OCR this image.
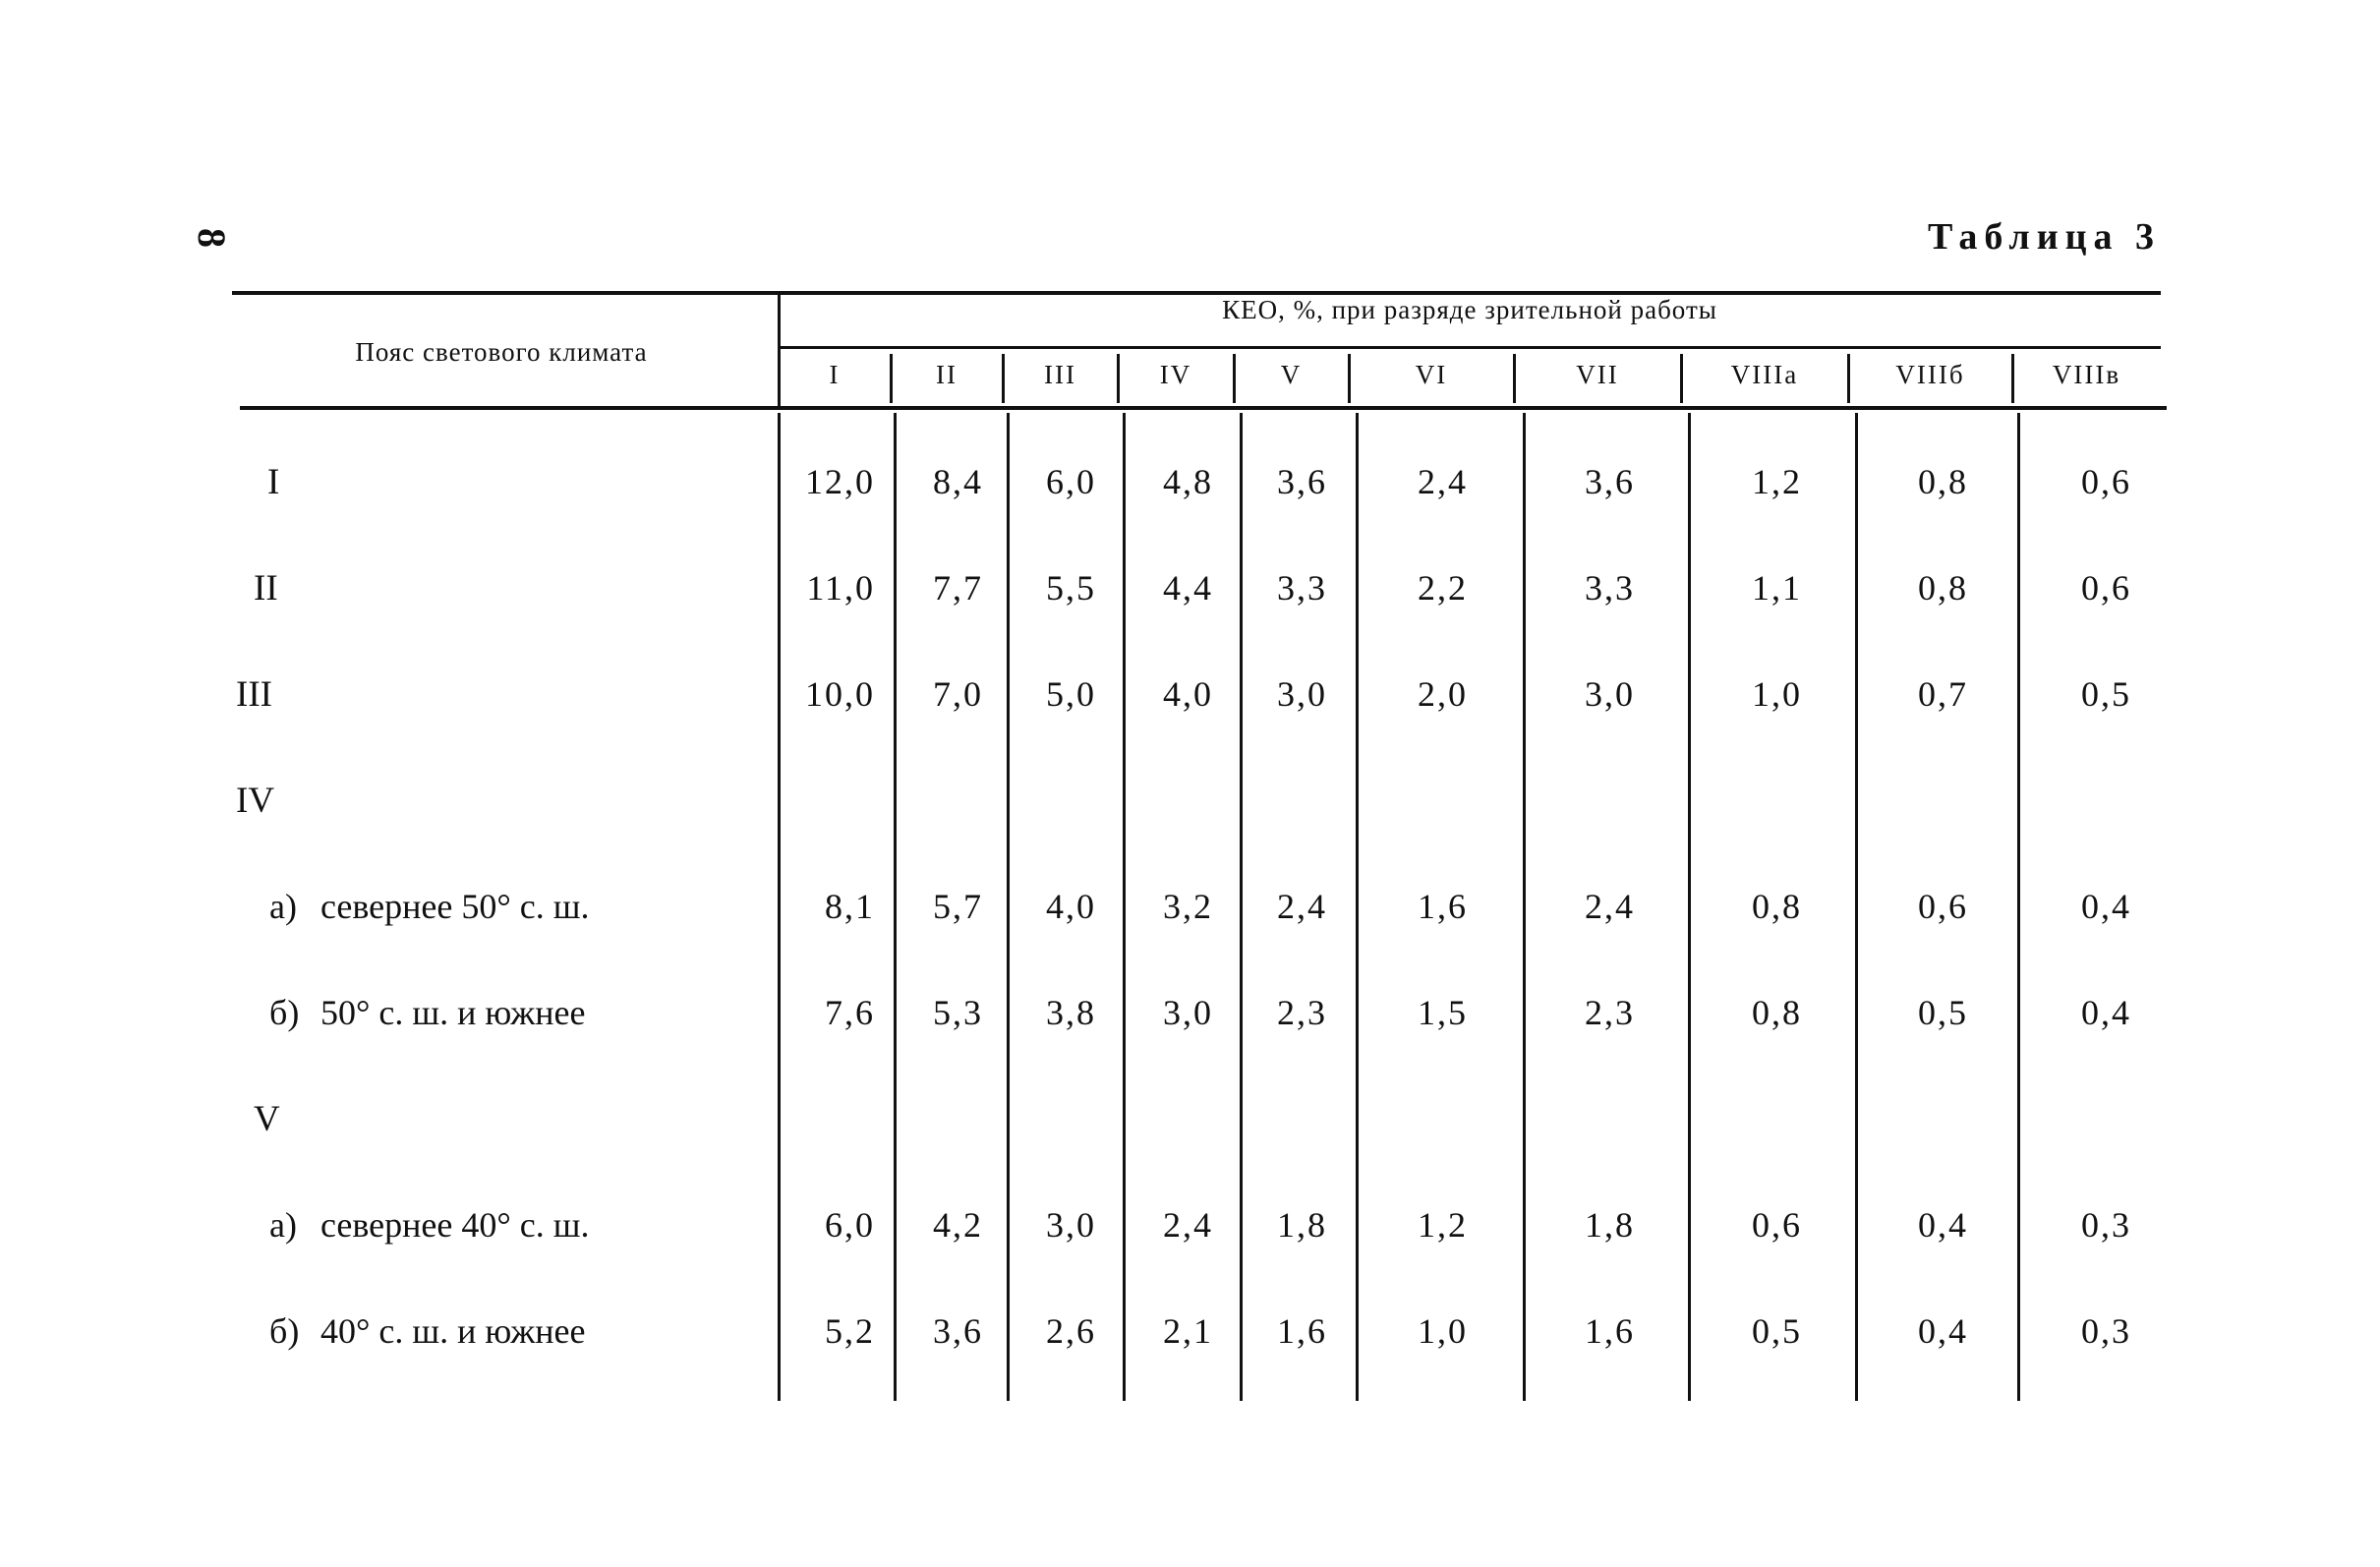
8	Таблица 3
Пояс светового климата
КЕО, %, при разряде зрительной работы
I	II	III	IV	V	VI	VII	VIIIа	VIIIб	VIIIв
I	12,0	8,4	6,0	4,8	3,6	2,4	3,6	1,2	0,8	0,6
II	11,0	7,7	5,5	4,4	3,3	2,2	3,3	1,1	0,8	0,6
III	10,0	7,0	5,0	4,0	3,0	2,0	3,0	1,0	0,7	0,5
IV
а) севернее 50° с. ш.	8,1	5,7	4,0	3,2	2,4	1,6	2,4	0,8	0,6	0,4
б) 50° с. ш. и южнее	7,6	5,3	3,8	3,0	2,3	1,5	2,3	0,8	0,5	0,4
V
а) севернее 40° с. ш.	6,0	4,2	3,0	2,4	1,8	1,2	1,8	0,6	0,4	0,3
б) 40° с. ш. и южнее	5,2	3,6	2,6	2,1	1,6	1,0	1,6	0,5	0,4	0,3
